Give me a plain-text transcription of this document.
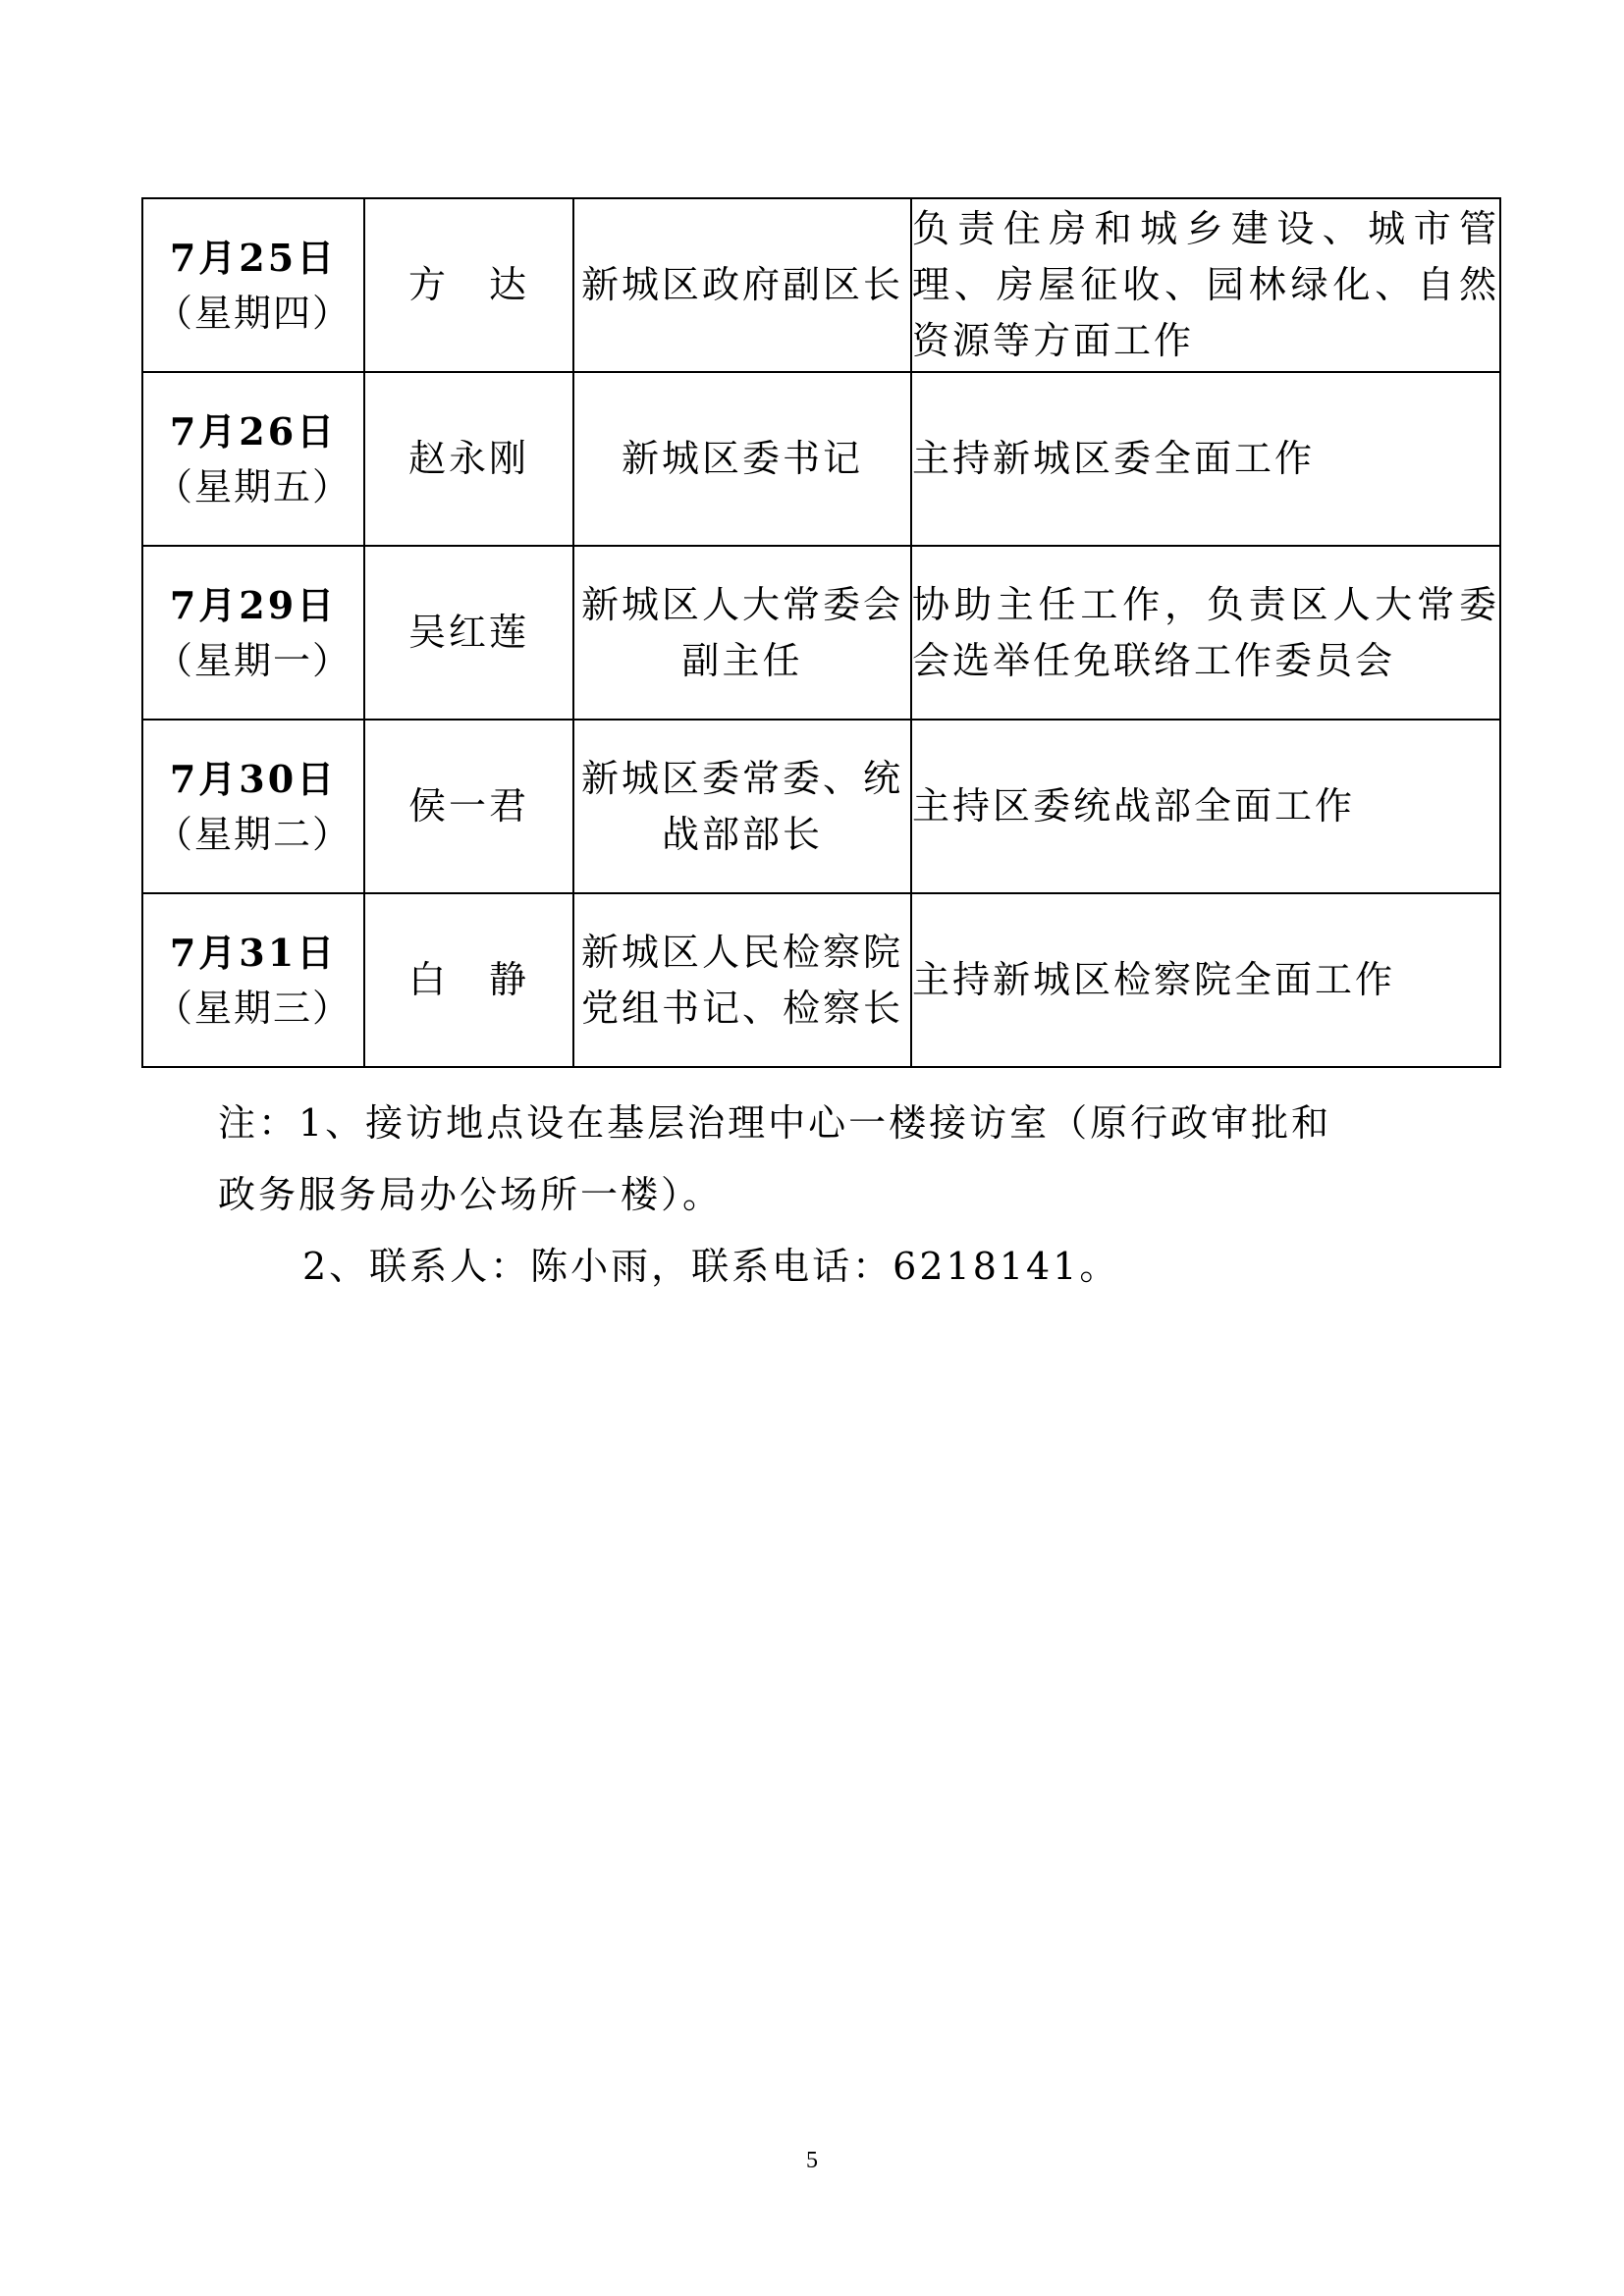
7月25日
（星期四）	方　达	新城区政府副区长	负责住房和城乡建设、城市管理、房屋征收、园林绿化、自然资源等方面工作

7月26日
（星期五）	赵永刚	新城区委书记	主持新城区委全面工作

7月29日
（星期一）	吴红莲	新城区人大常委会副主任	协助主任工作，负责区人大常委会选举任免联络工作委员会

7月30日
（星期二）	侯一君	新城区委常委、统战部部长	主持区委统战部全面工作

7月31日
（星期三）	白　静	新城区人民检察院党组书记、检察长	主持新城区检察院全面工作
注：1、接访地点设在基层治理中心一楼接访室（原行政审批和
政务服务局办公场所一楼）。
2、联系人：陈小雨，联系电话：6218141。
5
